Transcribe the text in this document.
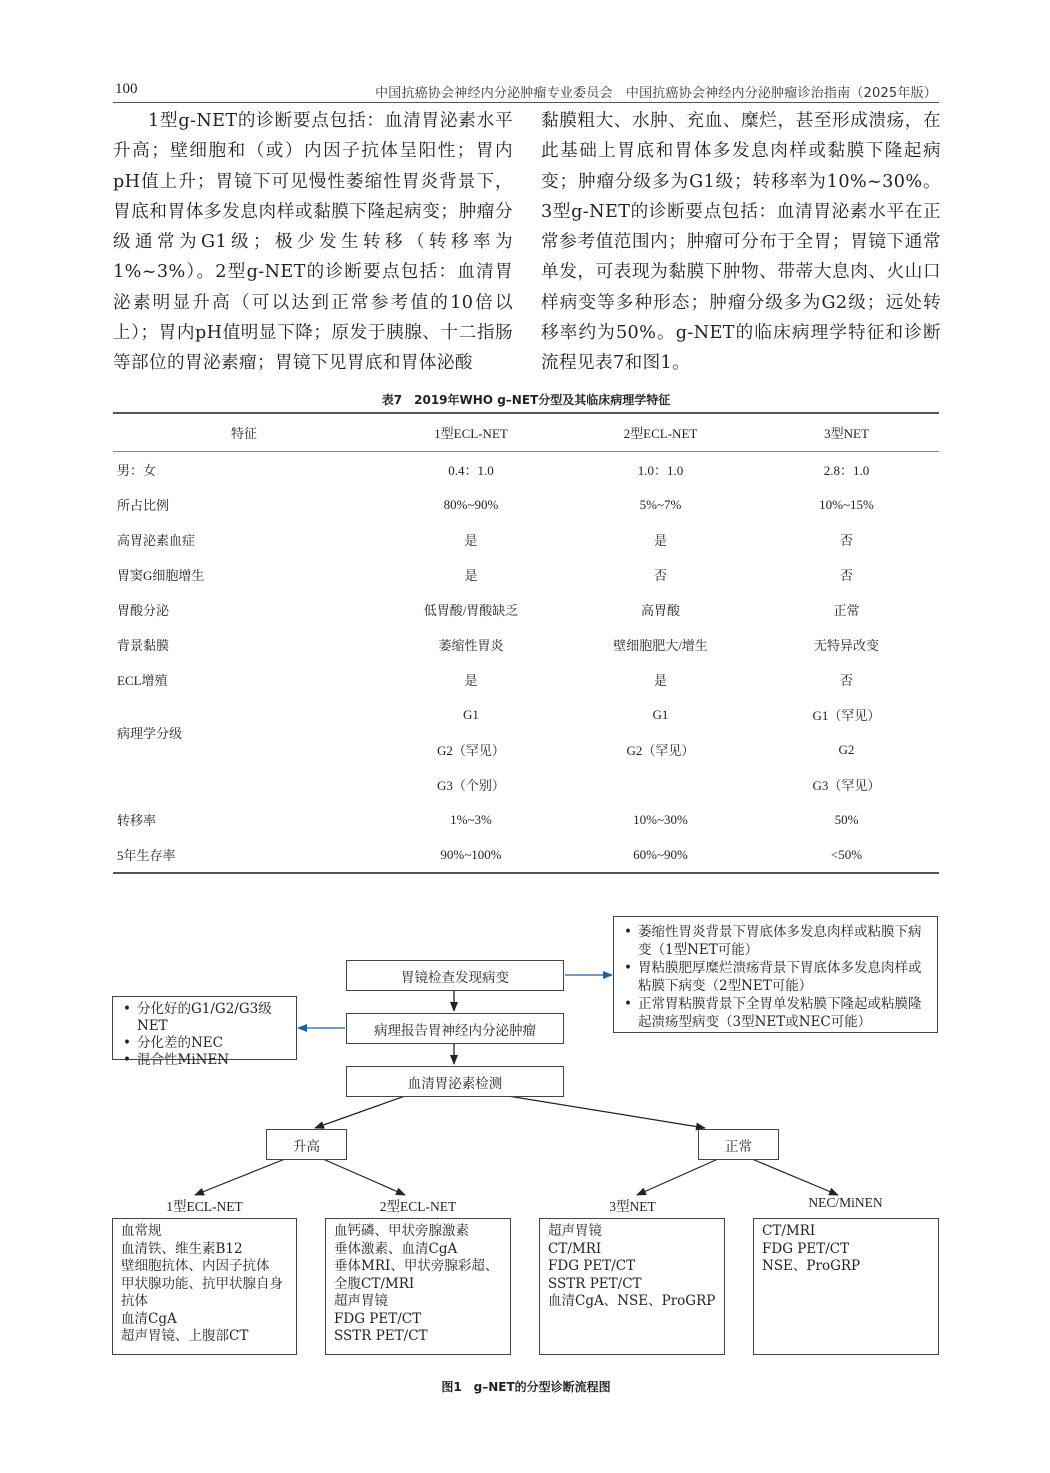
100	中国抗癌协会神经内分泌肿瘤专业委员会　中国抗癌协会神经内分泌肿瘤诊治指南（2025年版）

1型g-NET的诊断要点包括：血清胃泌素水平升高；壁细胞和（或）内因子抗体呈阳性；胃内pH值上升；胃镜下可见慢性萎缩性胃炎背景下，胃底和胃体多发息肉样或黏膜下隆起病变；肿瘤分级通常为G1级；极少发生转移（转移率为1%~3%）。2型g-NET的诊断要点包括：血清胃泌素明显升高（可以达到正常参考值的10倍以上）；胃内pH值明显下降；原发于胰腺、十二指肠等部位的胃泌素瘤；胃镜下见胃底和胃体泌酸

黏膜粗大、水肿、充血、糜烂，甚至形成溃疡，在此基础上胃底和胃体多发息肉样或黏膜下隆起病变；肿瘤分级多为G1级；转移率为10%~30%。3型g-NET的诊断要点包括：血清胃泌素水平在正常参考值范围内；肿瘤可分布于全胃；胃镜下通常单发，可表现为黏膜下肿物、带蒂大息肉、火山口样病变等多种形态；肿瘤分级多为G2级；远处转移率约为50%。g-NET的临床病理学特征和诊断流程见表7和图1。

表7　2019年WHO g–NET分型及其临床病理学特征
特征	1型ECL-NET	2型ECL-NET	3型NET
男：女	0.4：1.0	1.0：1.0	2.8：1.0
所占比例	80%~90%	5%~7%	10%~15%
高胃泌素血症	是	是	否
胃窦G细胞增生	是	否	否
胃酸分泌	低胃酸/胃酸缺乏	高胃酸	正常
背景黏膜	萎缩性胃炎	壁细胞肥大/增生	无特异改变
ECL增殖	是	是	否
病理学分级	G1	G1	G1（罕见）
	G2（罕见）	G2（罕见）	G2
	G3（个别）		G3（罕见）
转移率	1%~3%	10%~30%	50%
5年生存率	90%~100%	60%~90%	<50%
胃镜检查发现病变
病理报告胃神经内分泌肿瘤
血清胃泌素检测
• 萎缩性胃炎背景下胃底体多发息肉样或粘膜下病变（1型NET可能）
• 胃粘膜肥厚糜烂溃疡背景下胃底体多发息肉样或粘膜下病变（2型NET可能）
• 正常胃粘膜背景下全胃单发粘膜下隆起或粘膜隆起溃疡型病变（3型NET或NEC可能）
• 分化好的G1/G2/G3级NET
• 分化差的NEC
• 混合性MiNEN
升高	正常
1型ECL-NET	2型ECL-NET	3型NET	NEC/MiNEN
血常规
血清铁、维生素B12
壁细胞抗体、内因子抗体
甲状腺功能、抗甲状腺自身
抗体
血清CgA
超声胃镜、上腹部CT
血钙磷、甲状旁腺激素
垂体激素、血清CgA
垂体MRI、甲状旁腺彩超、
全腹CT/MRI
超声胃镜
FDG PET/CT
SSTR PET/CT
超声胃镜
CT/MRI
FDG PET/CT
SSTR PET/CT
血清CgA、NSE、ProGRP
CT/MRI
FDG PET/CT
NSE、ProGRP
图1　g–NET的分型诊断流程图
